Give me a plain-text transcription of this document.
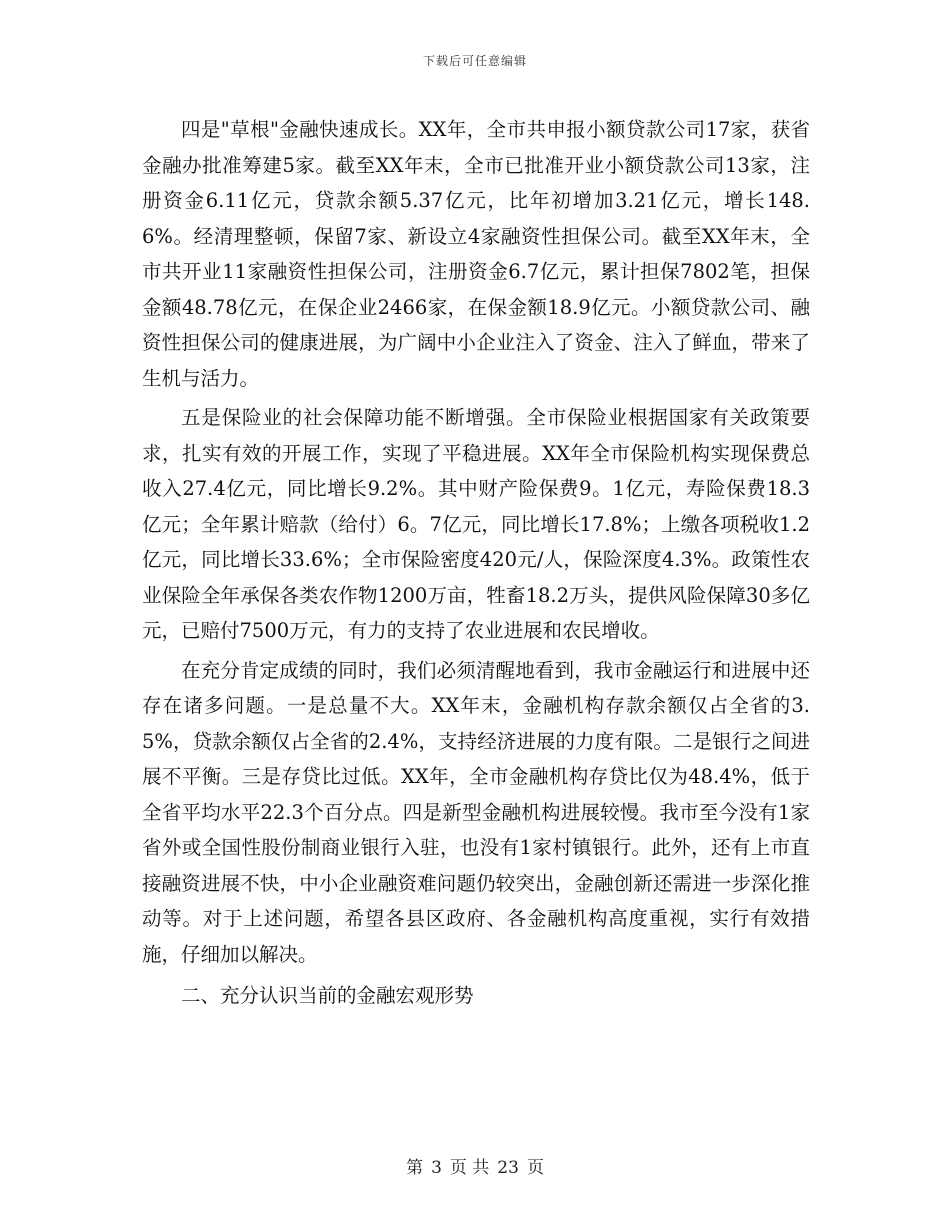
下载后可任意编辑

四是"草根"金融快速成长。XX年，全市共申报小额贷款公司17家，获省金融办批准筹建5家。截至XX年末，全市已批准开业小额贷款公司13家，注册资金6.11亿元，贷款余额5.37亿元，比年初增加3.21亿元，增长148.6%。经清理整顿，保留7家、新设立4家融资性担保公司。截至XX年末，全市共开业11家融资性担保公司，注册资金6.7亿元，累计担保7802笔，担保金额48.78亿元，在保企业2466家，在保金额18.9亿元。小额贷款公司、融资性担保公司的健康进展，为广阔中小企业注入了资金、注入了鲜血，带来了生机与活力。

五是保险业的社会保障功能不断增强。全市保险业根据国家有关政策要求，扎实有效的开展工作，实现了平稳进展。XX年全市保险机构实现保费总收入27.4亿元，同比增长9.2%。其中财产险保费9。1亿元，寿险保费18.3亿元；全年累计赔款（给付）6。7亿元，同比增长17.8%；上缴各项税收1.2亿元，同比增长33.6%；全市保险密度420元/人，保险深度4.3%。政策性农业保险全年承保各类农作物1200万亩，牲畜18.2万头，提供风险保障30多亿元，已赔付7500万元，有力的支持了农业进展和农民增收。

在充分肯定成绩的同时，我们必须清醒地看到，我市金融运行和进展中还存在诸多问题。一是总量不大。XX年末，金融机构存款余额仅占全省的3.5%，贷款余额仅占全省的2.4%，支持经济进展的力度有限。二是银行之间进展不平衡。三是存贷比过低。XX年，全市金融机构存贷比仅为48.4%，低于全省平均水平22.3个百分点。四是新型金融机构进展较慢。我市至今没有1家省外或全国性股份制商业银行入驻，也没有1家村镇银行。此外，还有上市直接融资进展不快，中小企业融资难问题仍较突出，金融创新还需进一步深化推动等。对于上述问题，希望各县区政府、各金融机构高度重视，实行有效措施，仔细加以解决。

二、充分认识当前的金融宏观形势

第 3 页 共 23 页
